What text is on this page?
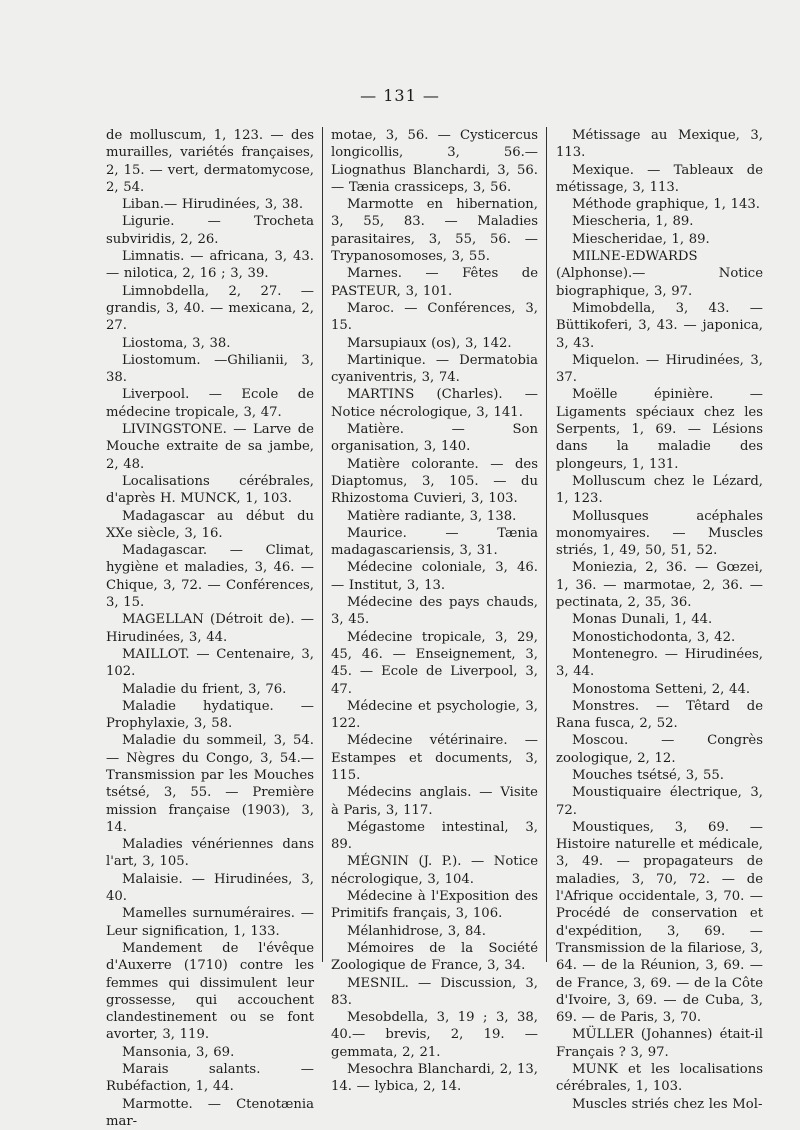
— 131 —

de molluscum, 1, 123. — des murailles, variétés françaises, 2, 15. — vert, dermatomycose, 2, 54.

Liban.— Hirudinées, 3, 38.

Ligurie. — Trocheta subviridis, 2, 26.

Limnatis. — africana, 3, 43.— nilotica, 2, 16 ; 3, 39.

Limnobdella, 2, 27. — grandis, 3, 40. — mexicana, 2, 27.

Liostoma, 3, 38.

Liostomum. —Ghilianii, 3, 38.

Liverpool. — Ecole de médecine tropicale, 3, 47.

LIVINGSTONE. — Larve de Mouche extraite de sa jambe, 2, 48.

Localisations cérébrales, d'après H. MUNCK, 1, 103.

Madagascar au début du XXe siècle, 3, 16.

Madagascar. — Climat, hygiène et maladies, 3, 46. — Chique, 3, 72. — Conférences, 3, 15.

MAGELLAN (Détroit de). — Hirudinées, 3, 44.

MAILLOT. — Centenaire, 3, 102.

Maladie du frient, 3, 76.

Maladie hydatique. — Prophylaxie, 3, 58.

Maladie du sommeil, 3, 54. — Nègres du Congo, 3, 54.— Transmission par les Mouches tsétsé, 3, 55. — Première mission française (1903), 3, 14.

Maladies vénériennes dans l'art, 3, 105.

Malaisie. — Hirudinées, 3, 40.

Mamelles surnuméraires. — Leur signification, 1, 133.

Mandement de l'évêque d'Auxerre (1710) contre les femmes qui dissimulent leur grossesse, qui accouchent clandestinement ou se font avorter, 3, 119.

Mansonia, 3, 69.

Marais salants. — Rubéfaction, 1, 44.

Marmotte. — Ctenotænia mar-

motae, 3, 56. — Cysticercus longicollis, 3, 56.— Liognathus Blanchardi, 3, 56.— Tænia crassiceps, 3, 56.

Marmotte en hibernation, 3, 55, 83. — Maladies parasitaires, 3, 55, 56. — Trypanosomoses, 3, 55.

Marnes. — Fêtes de PASTEUR, 3, 101.

Maroc. — Conférences, 3, 15.

Marsupiaux (os), 3, 142.

Martinique. — Dermatobia cyaniventris, 3, 74.

MARTINS (Charles). — Notice nécrologique, 3, 141.

Matière. — Son organisation, 3, 140.

Matière colorante. — des Diaptomus, 3, 105. — du Rhizostoma Cuvieri, 3, 103.

Matière radiante, 3, 138.

Maurice. — Tænia madagascariensis, 3, 31.

Médecine coloniale, 3, 46. — Institut, 3, 13.

Médecine des pays chauds, 3, 45.

Médecine tropicale, 3, 29, 45, 46. — Enseignement, 3, 45. — Ecole de Liverpool, 3, 47.

Médecine et psychologie, 3, 122.

Médecine vétérinaire. — Estampes et documents, 3, 115.

Médecins anglais. — Visite à Paris, 3, 117.

Mégastome intestinal, 3, 89.

MÉGNIN (J. P.). — Notice nécrologique, 3, 104.

Médecine à l'Exposition des Primitifs français, 3, 106.

Mélanhidrose, 3, 84.

Mémoires de la Société Zoologique de France, 3, 34.

MESNIL. — Discussion, 3, 83.

Mesobdella, 3, 19 ; 3, 38, 40.— brevis, 2, 19. — gemmata, 2, 21.

Mesochra Blanchardi, 2, 13, 14. — lybica, 2, 14.

Métissage au Mexique, 3, 113.

Mexique. — Tableaux de métissage, 3, 113.

Méthode graphique, 1, 143.

Miescheria, 1, 89.

Miescheridae, 1, 89.

MILNE-EDWARDS (Alphonse).— Notice biographique, 3, 97.

Mimobdella, 3, 43. — Büttikoferi, 3, 43. — japonica, 3, 43.

Miquelon. — Hirudinées, 3, 37.

Moëlle épinière. — Ligaments spéciaux chez les Serpents, 1, 69. — Lésions dans la maladie des plongeurs, 1, 131.

Molluscum chez le Lézard, 1, 123.

Mollusques acéphales monomyaires. — Muscles striés, 1, 49, 50, 51, 52.

Moniezia, 2, 36. — Gœzei, 1, 36. — marmotae, 2, 36. — pectinata, 2, 35, 36.

Monas Dunali, 1, 44.

Monostichodonta, 3, 42.

Montenegro. — Hirudinées, 3, 44.

Monostoma Setteni, 2, 44.

Monstres. — Têtard de Rana fusca, 2, 52.

Moscou. — Congrès zoologique, 2, 12.

Mouches tsétsé, 3, 55.

Moustiquaire électrique, 3, 72.

Moustiques, 3, 69. — Histoire naturelle et médicale, 3, 49. — propagateurs de maladies, 3, 70, 72. — de l'Afrique occidentale, 3, 70. — Procédé de conservation et d'expédition, 3, 69. — Transmission de la filariose, 3, 64. — de la Réunion, 3, 69. — de France, 3, 69. — de la Côte d'Ivoire, 3, 69. — de Cuba, 3, 69. — de Paris, 3, 70.

MÜLLER (Johannes) était-il Français ? 3, 97.

MUNK et les localisations cérébrales, 1, 103.

Muscles striés chez les Mol-
